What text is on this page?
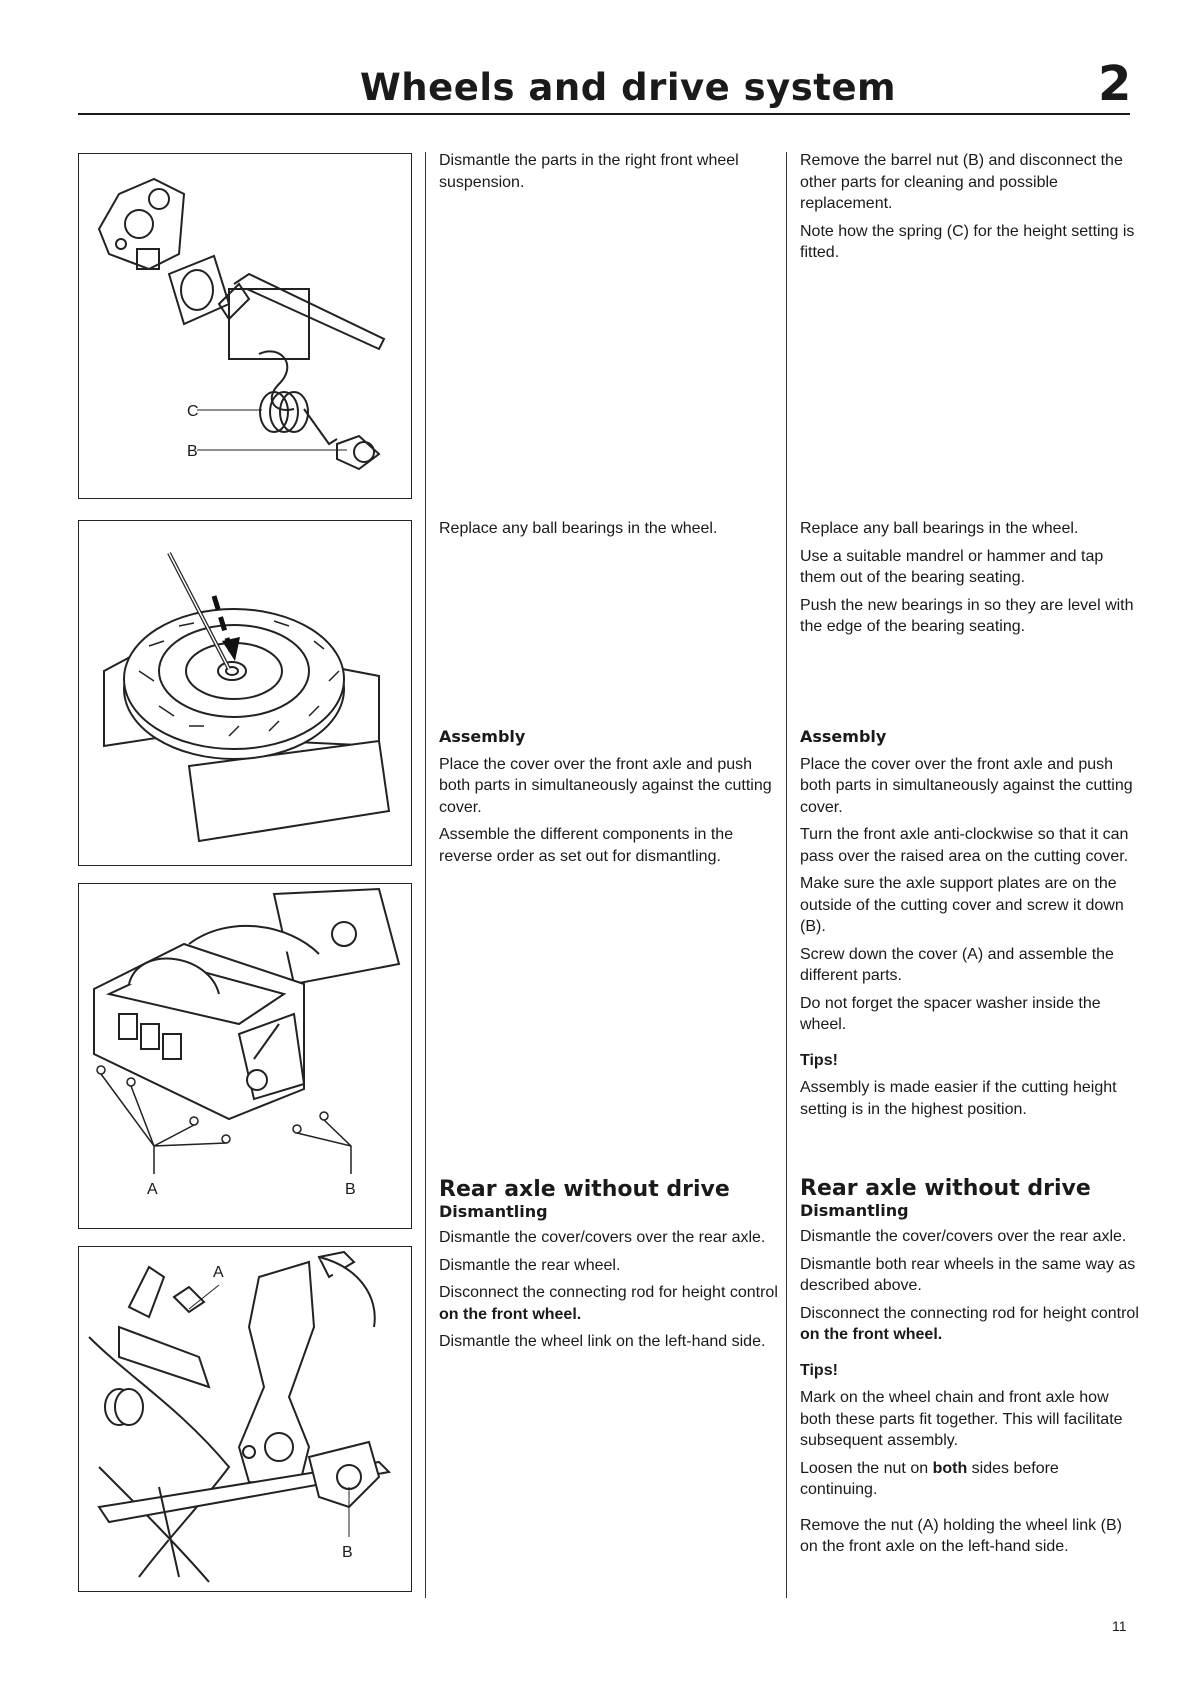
Wheels and drive system	2
C
B
A	B
A
B

Dismantle the parts in the right front wheel suspension.

Replace any ball bearings in the wheel.

Assembly

Place the cover over the front axle and push both parts in simultaneously against the cutting cover.

Assemble the different components in the reverse order as set out for dismantling.

Rear axle without drive
Dismantling

Dismantle the cover/covers over the rear axle.

Dismantle the rear wheel.

Disconnect the connecting rod for height control on the front wheel.

Dismantle the wheel link on the left-hand side.

Remove the barrel nut (B) and disconnect the other parts for cleaning and possible replacement.

Note how the spring (C) for the height setting is fitted.

Replace any ball bearings in the wheel.

Use a suitable mandrel or hammer and tap them out of the bearing seating.

Push the new bearings in so they are level with the edge of the bearing seating.

Assembly

Place the cover over the front axle and push both parts in simultaneously against the cutting cover.

Turn the front axle anti-clockwise so that it can pass over the raised area on the cutting cover.

Make sure the axle support plates are on the outside of the cutting cover and screw it down (B).

Screw down the cover (A) and assemble the different parts.

Do not forget the spacer washer inside the wheel.

Tips!

Assembly is made easier if the cutting height setting is in the highest position.

Rear axle without drive
Dismantling

Dismantle the cover/covers over the rear axle.

Dismantle both rear wheels in the same way as described above.

Disconnect the connecting rod for height control on the front wheel.

Tips!

Mark on the wheel chain and front axle how both these parts fit together. This will facilitate subsequent assembly.

Loosen the nut on both sides before continuing.

Remove the nut (A) holding the wheel link (B) on the front axle on the left-hand side.

11
